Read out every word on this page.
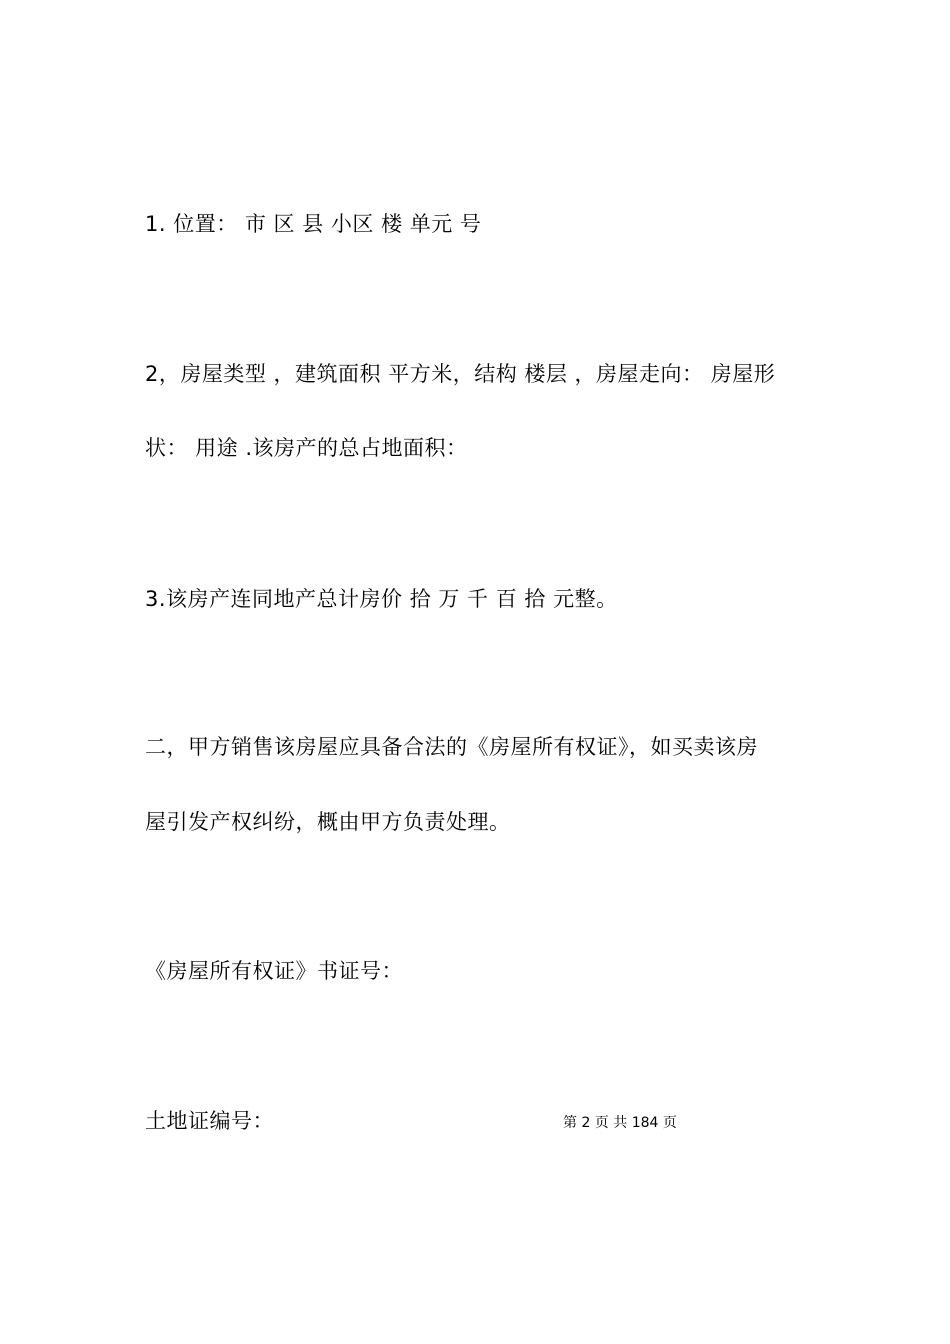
1. 位置： 市 区 县 小区 楼 单元 号
2，房屋类型 ，建筑面积 平方米，结构 楼层 ，房屋走向： 房屋形
状： 用途 .该房产的总占地面积：
3.该房产连同地产总计房价 拾 万 千 百 拾 元整。
二，甲方销售该房屋应具备合法的《房屋所有权证》，如买卖该房
屋引发产权纠纷，概由甲方负责处理。
《房屋所有权证》书证号：
土地证编号：	第 2 页 共 184 页
